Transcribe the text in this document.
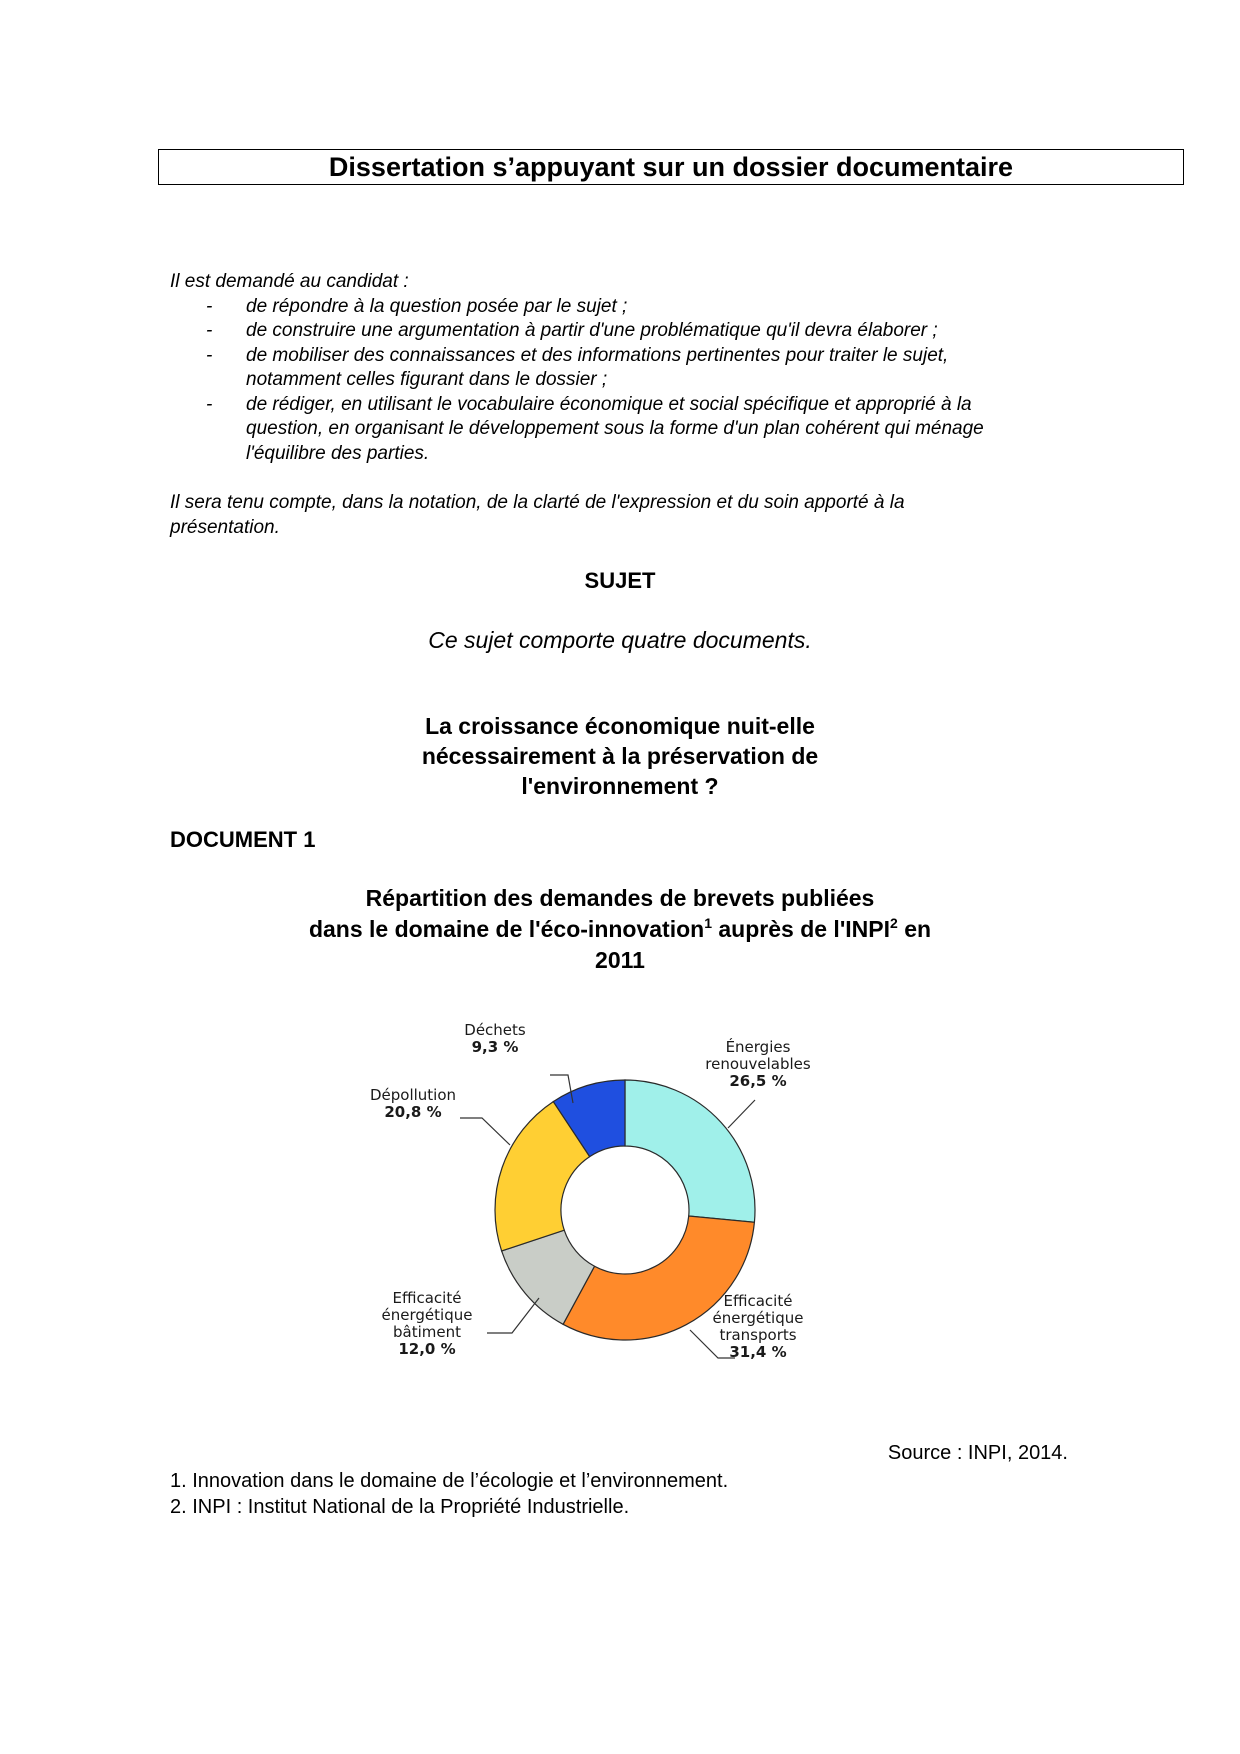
Dissertation s’appuyant sur un dossier documentaire
Il est demandé au candidat :
- de répondre à la question posée par le sujet ;
- de construire une argumentation à partir d'une problématique qu'il devra élaborer ;
- de mobiliser des connaissances et des informations pertinentes pour traiter le sujet,
notamment celles figurant dans le dossier ;
- de rédiger, en utilisant le vocabulaire économique et social spécifique et approprié à la
question, en organisant le développement sous la forme d'un plan cohérent qui ménage
l'équilibre des parties.
Il sera tenu compte, dans la notation, de la clarté de l'expression et du soin apporté à la
présentation.
SUJET
Ce sujet comporte quatre documents.
La croissance économique nuit-elle
nécessairement à la préservation de
l'environnement ?
DOCUMENT 1
Répartition des demandes de brevets publiées
dans le domaine de l'éco-innovation$^1$ auprès de l'INPI$^2$ en
2011
Énergies
renouvelables
26,5 %
Efficacité
énergétique
transports
31,4 %
Efficacité
énergétique
bâtiment
12,0 %
Dépollution
20,8 %
Déchets
9,3 %
Source : INPI, 2014.
1. Innovation dans le domaine de l’écologie et l’environnement.
2. INPI : Institut National de la Propriété Industrielle.
